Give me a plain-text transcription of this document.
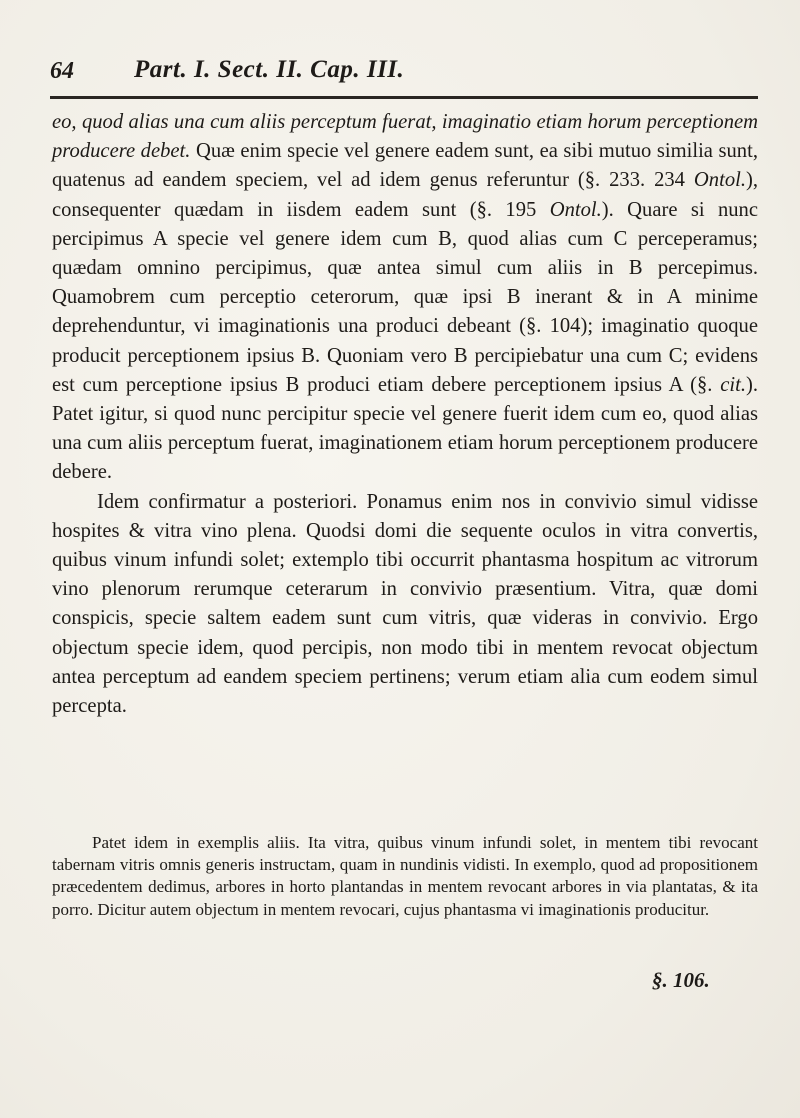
64 Part. I. Sect. II. Cap. III.

eo, quod alias una cum aliis perceptum fuerat, imaginatio etiam horum perceptionem producere debet. Quæ enim specie vel genere eadem sunt, ea sibi mutuo similia sunt, quatenus ad eandem speciem, vel ad idem genus referuntur (§. 233. 234 Ontol.), consequenter quædam in iisdem eadem sunt (§. 195 Ontol.). Quare si nunc percipimus A specie vel genere idem cum B, quod alias cum C perceperamus; quædam omnino percipimus, quæ antea simul cum aliis in B percepimus. Quamobrem cum perceptio ceterorum, quæ ipsi B inerant & in A minime deprehenduntur, vi imaginationis una produci debeant (§. 104); imaginatio quoque producit perceptionem ipsius B. Quoniam vero B percipiebatur una cum C; evidens est cum perceptione ipsius B produci etiam debere perceptionem ipsius A (§. cit.). Patet igitur, si quod nunc percipitur specie vel genere fuerit idem cum eo, quod alias una cum aliis perceptum fuerat, imaginationem etiam horum perceptionem producere debere.

Idem confirmatur a posteriori. Ponamus enim nos in convivio simul vidisse hospites & vitra vino plena. Quodsi domi die sequente oculos in vitra convertis, quibus vinum infundi solet; extemplo tibi occurrit phantasma hospitum ac vitrorum vino plenorum rerumque ceterarum in convivio præsentium. Vitra, quæ domi conspicis, specie saltem eadem sunt cum vitris, quæ videras in convivio. Ergo objectum specie idem, quod percipis, non modo tibi in mentem revocat objectum antea perceptum ad eandem speciem pertinens; verum etiam alia cum eodem simul percepta.

Patet idem in exemplis aliis. Ita vitra, quibus vinum infundi solet, in mentem tibi revocant tabernam vitris omnis generis instructam, quam in nundinis vidisti. In exemplo, quod ad propositionem præcedentem dedimus, arbores in horto plantandas in mentem revocant arbores in via plantatas, & ita porro. Dicitur autem objectum in mentem revocari, cujus phantasma vi imaginationis producitur.

§. 106.
